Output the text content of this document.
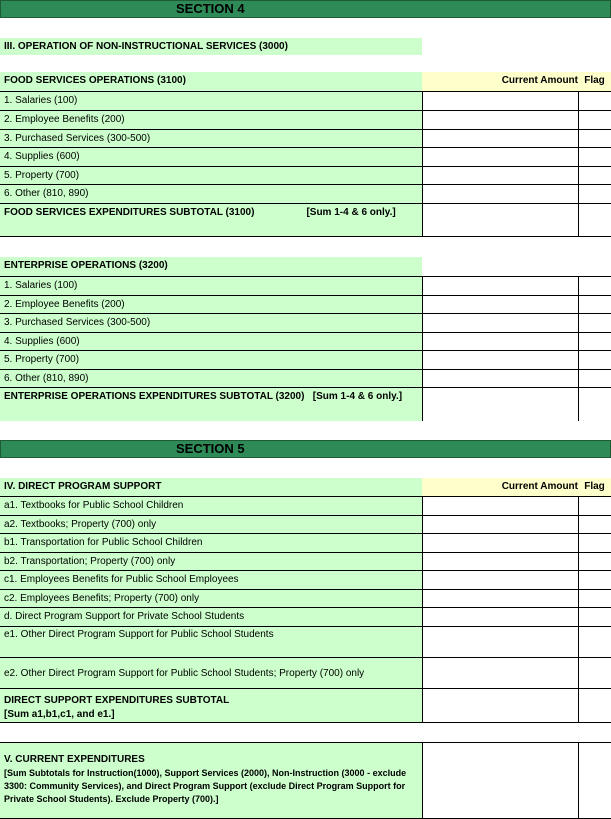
SECTION 4
III. OPERATION OF NON-INSTRUCTIONAL SERVICES (3000)
FOOD SERVICES OPERATIONS (3100)	Current Amount Flag
1. Salaries (100)
2. Employee Benefits (200)
3. Purchased Services (300-500)
4. Supplies (600)
5. Property (700)
6. Other (810, 890)
FOOD SERVICES EXPENDITURES SUBTOTAL (3100)	[Sum 1-4 & 6 only.]
ENTERPRISE OPERATIONS (3200)
1. Salaries (100)
2. Employee Benefits (200)
3. Purchased Services (300-500)
4. Supplies (600)
5. Property (700)
6. Other (810, 890)
ENTERPRISE OPERATIONS EXPENDITURES SUBTOTAL (3200) [Sum 1-4 & 6 only.]
SECTION 5
IV. DIRECT PROGRAM SUPPORT	Current Amount Flag
a1. Textbooks for Public School Children
a2. Textbooks; Property (700) only
b1. Transportation for Public School Children
b2. Transportation; Property (700) only
c1. Employees Benefits for Public School Employees
c2. Employees Benefits; Property (700) only
d. Direct Program Support for Private School Students
e1. Other Direct Program Support for Public School Students
e2. Other Direct Program Support for Public School Students; Property (700) only
DIRECT SUPPORT EXPENDITURES SUBTOTAL
[Sum a1,b1,c1, and e1.]
V. CURRENT EXPENDITURES
[Sum Subtotals for Instruction(1000), Support Services (2000), Non-Instruction (3000 - exclude 3300: Community Services), and Direct Program Support (exclude Direct Program Support for Private School Students). Exclude Property (700).]
